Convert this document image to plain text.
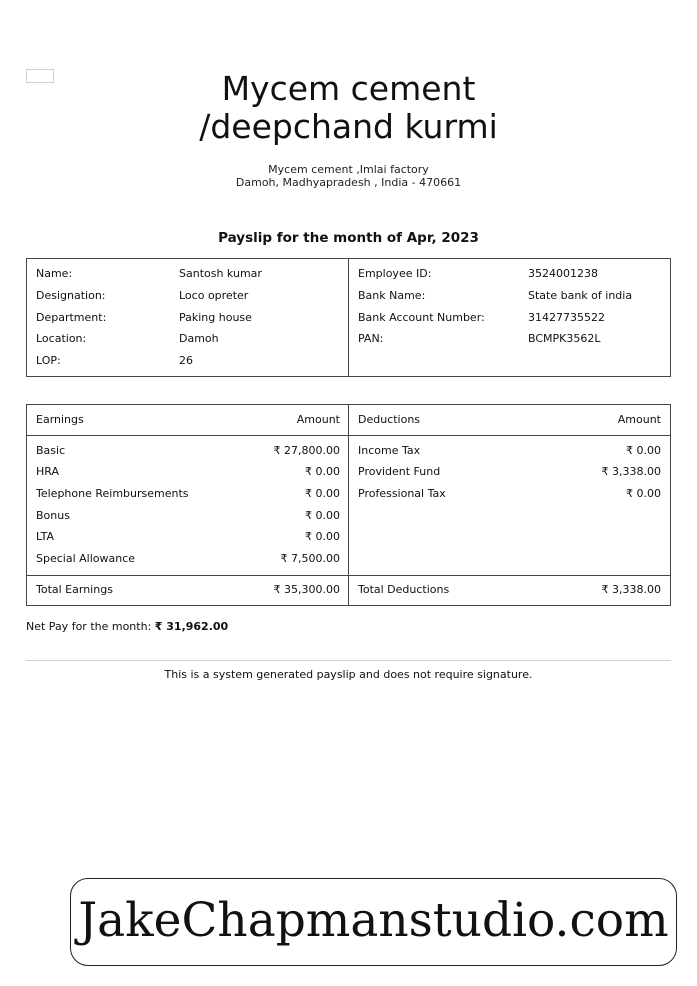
Mycem cement
/deepchand kurmi
Mycem cement ,Imlai factory
Damoh, Madhyapradesh , India - 470661
Payslip for the month of Apr, 2023
Name:	Santosh kumar
Designation:	Loco opreter
Department:	Paking house
Location:	Damoh
LOP:	26
Employee ID:	3524001238
Bank Name:	State bank of india
Bank Account Number:	31427735522
PAN:	BCMPK3562L
Earnings	Amount Deductions	Amount
Basic	₹ 27,800.00
HRA	₹ 0.00
Telephone Reimbursements	₹ 0.00
Bonus	₹ 0.00
LTA	₹ 0.00
Special Allowance	₹ 7,500.00
Income Tax	₹ 0.00
Provident Fund	₹ 3,338.00
Professional Tax	₹ 0.00
Total Earnings	₹ 35,300.00 Total Deductions	₹ 3,338.00
Net Pay for the month: ₹ 31,962.00
This is a system generated payslip and does not require signature.
JakeChapmanstudio.com
